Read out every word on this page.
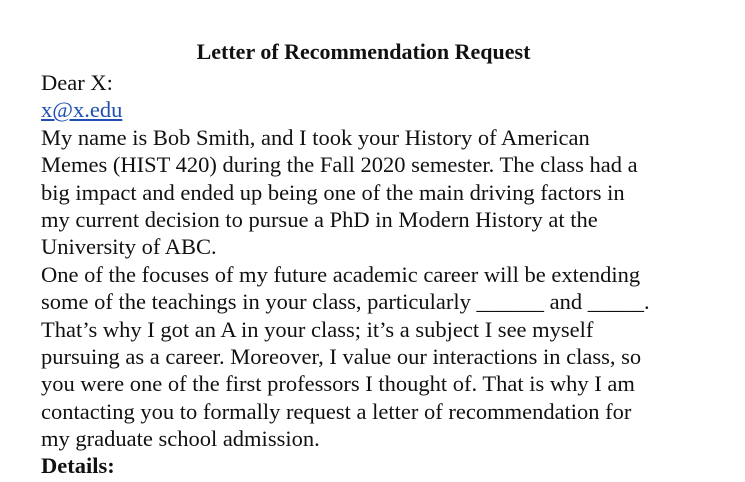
Letter of Recommendation Request
Dear X:
x@x.edu
My name is Bob Smith, and I took your History of American
Memes (HIST 420) during the Fall 2020 semester. The class had a
big impact and ended up being one of the main driving factors in
my current decision to pursue a PhD in Modern History at the
University of ABC.
One of the focuses of my future academic career will be extending
some of the teachings in your class, particularly ______ and _____.
That’s why I got an A in your class; it’s a subject I see myself
pursuing as a career. Moreover, I value our interactions in class, so
you were one of the first professors I thought of. That is why I am
contacting you to formally request a letter of recommendation for
my graduate school admission.
Details:
